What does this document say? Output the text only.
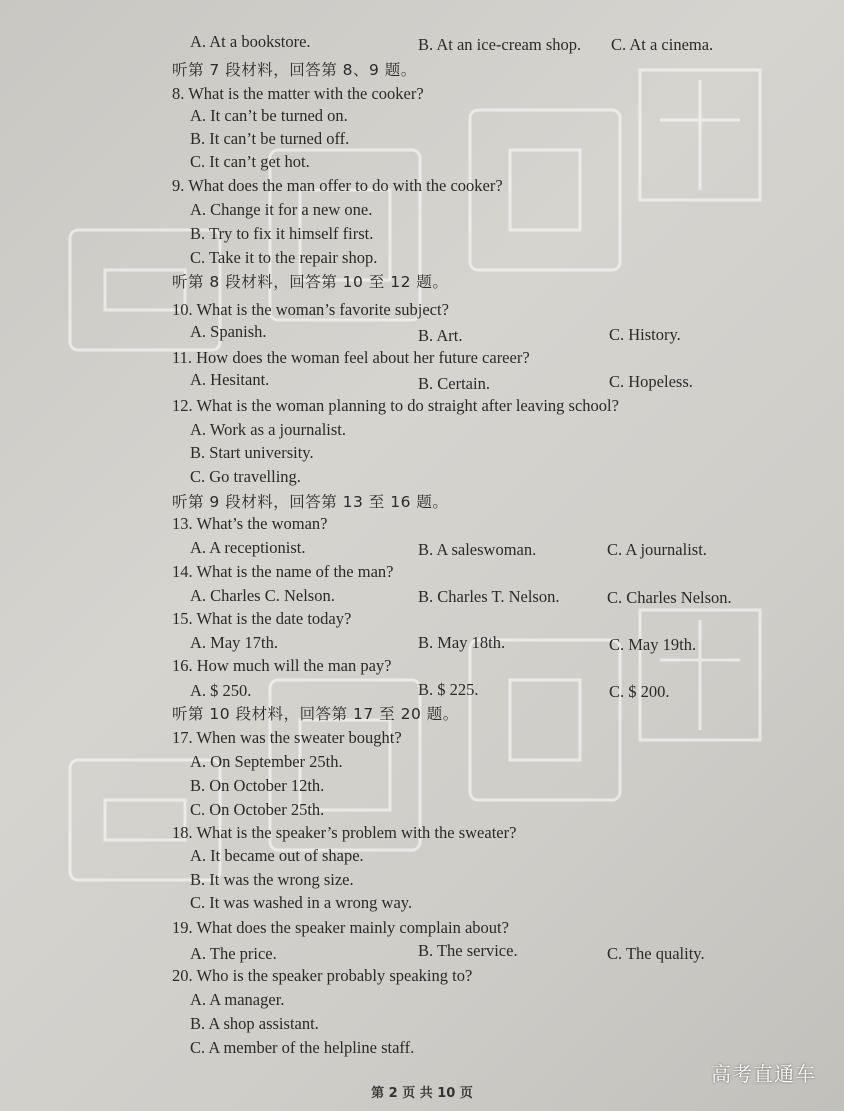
A. At a bookstore.	B. At an ice-cream shop. C. At a cinema.
听第 7 段材料，回答第 8、9 题。
8. What is the matter with the cooker?
A. It can’t be turned on.
B. It can’t be turned off.
C. It can’t get hot.
9. What does the man offer to do with the cooker?
A. Change it for a new one.
B. Try to fix it himself first.
C. Take it to the repair shop.
听第 8 段材料，回答第 10 至 12 题。
10. What is the woman’s favorite subject?
A. Spanish.	B. Art.	C. History.
11. How does the woman feel about her future career?
A. Hesitant.	B. Certain.	C. Hopeless.
12. What is the woman planning to do straight after leaving school?
A. Work as a journalist.
B. Start university.
C. Go travelling.
听第 9 段材料，回答第 13 至 16 题。
13. What’s the woman?
A. A receptionist.	B. A saleswoman.	C. A journalist.
14. What is the name of the man?
A. Charles C. Nelson.	B. Charles T. Nelson.	C. Charles Nelson.
15. What is the date today?
A. May 17th.	B. May 18th.	C. May 19th.
16. How much will the man pay?
A. $ 250.	B. $ 225.	C. $ 200.
听第 10 段材料，回答第 17 至 20 题。
17. When was the sweater bought?
A. On September 25th.
B. On October 12th.
C. On October 25th.
18. What is the speaker’s problem with the sweater?
A. It became out of shape.
B. It was the wrong size.
C. It was washed in a wrong way.
19. What does the speaker mainly complain about?
A. The price.	B. The service.	C. The quality.
20. Who is the speaker probably speaking to?
A. A manager.
B. A shop assistant.
C. A member of the helpline staff.
第 2 页 共 10 页
高考直通车
